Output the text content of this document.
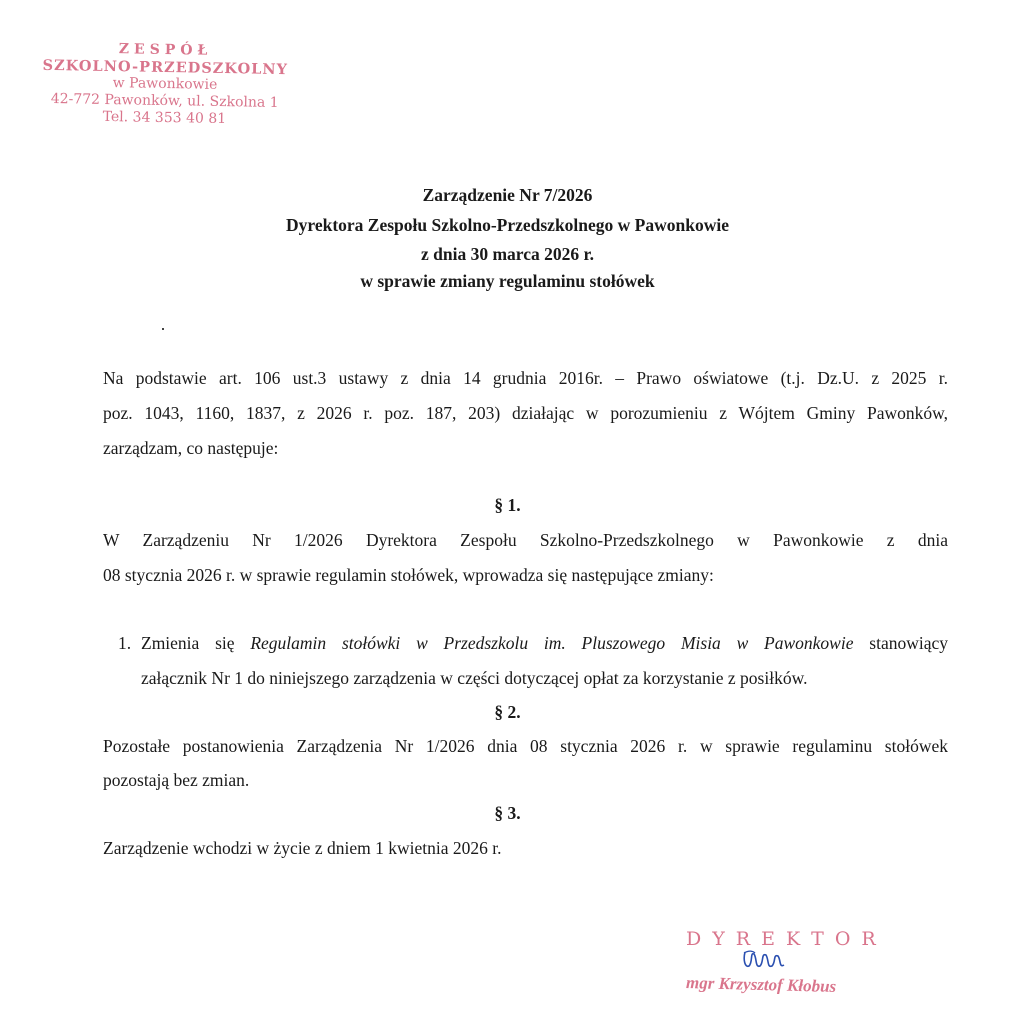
ZESPÓŁ
SZKOLNO-PRZEDSZKOLNY
w Pawonkowie
42-772 Pawonków, ul. Szkolna 1
Tel. 34 353 40 81
Zarządzenie Nr 7/2026
Dyrektora Zespołu Szkolno-Przedszkolnego w Pawonkowie
z dnia 30 marca 2026 r.
w sprawie zmiany regulaminu stołówek
Na podstawie art. 106 ust.3 ustawy z dnia 14 grudnia 2016r. – Prawo oświatowe (t.j. Dz.U. z 2025 r.
poz. 1043, 1160, 1837, z 2026 r. poz. 187, 203) działając w porozumieniu z Wójtem Gminy Pawonków,
zarządzam, co następuje:
§ 1.
W Zarządzeniu Nr 1/2026 Dyrektora Zespołu Szkolno-Przedszkolnego w Pawonkowie z dnia
08 stycznia 2026 r. w sprawie regulamin stołówek, wprowadza się następujące zmiany:
1. Zmienia się Regulamin stołówki w Przedszkolu im. Pluszowego Misia w Pawonkowie stanowiący
załącznik Nr 1 do niniejszego zarządzenia w części dotyczącej opłat za korzystanie z posiłków.
§ 2.
Pozostałe postanowienia Zarządzenia Nr 1/2026 dnia 08 stycznia 2026 r. w sprawie regulaminu stołówek
pozostają bez zmian.
§ 3.
Zarządzenie wchodzi w życie z dniem 1 kwietnia 2026 r.
DYREKTOR
mgr Krzysztof Kłobus
